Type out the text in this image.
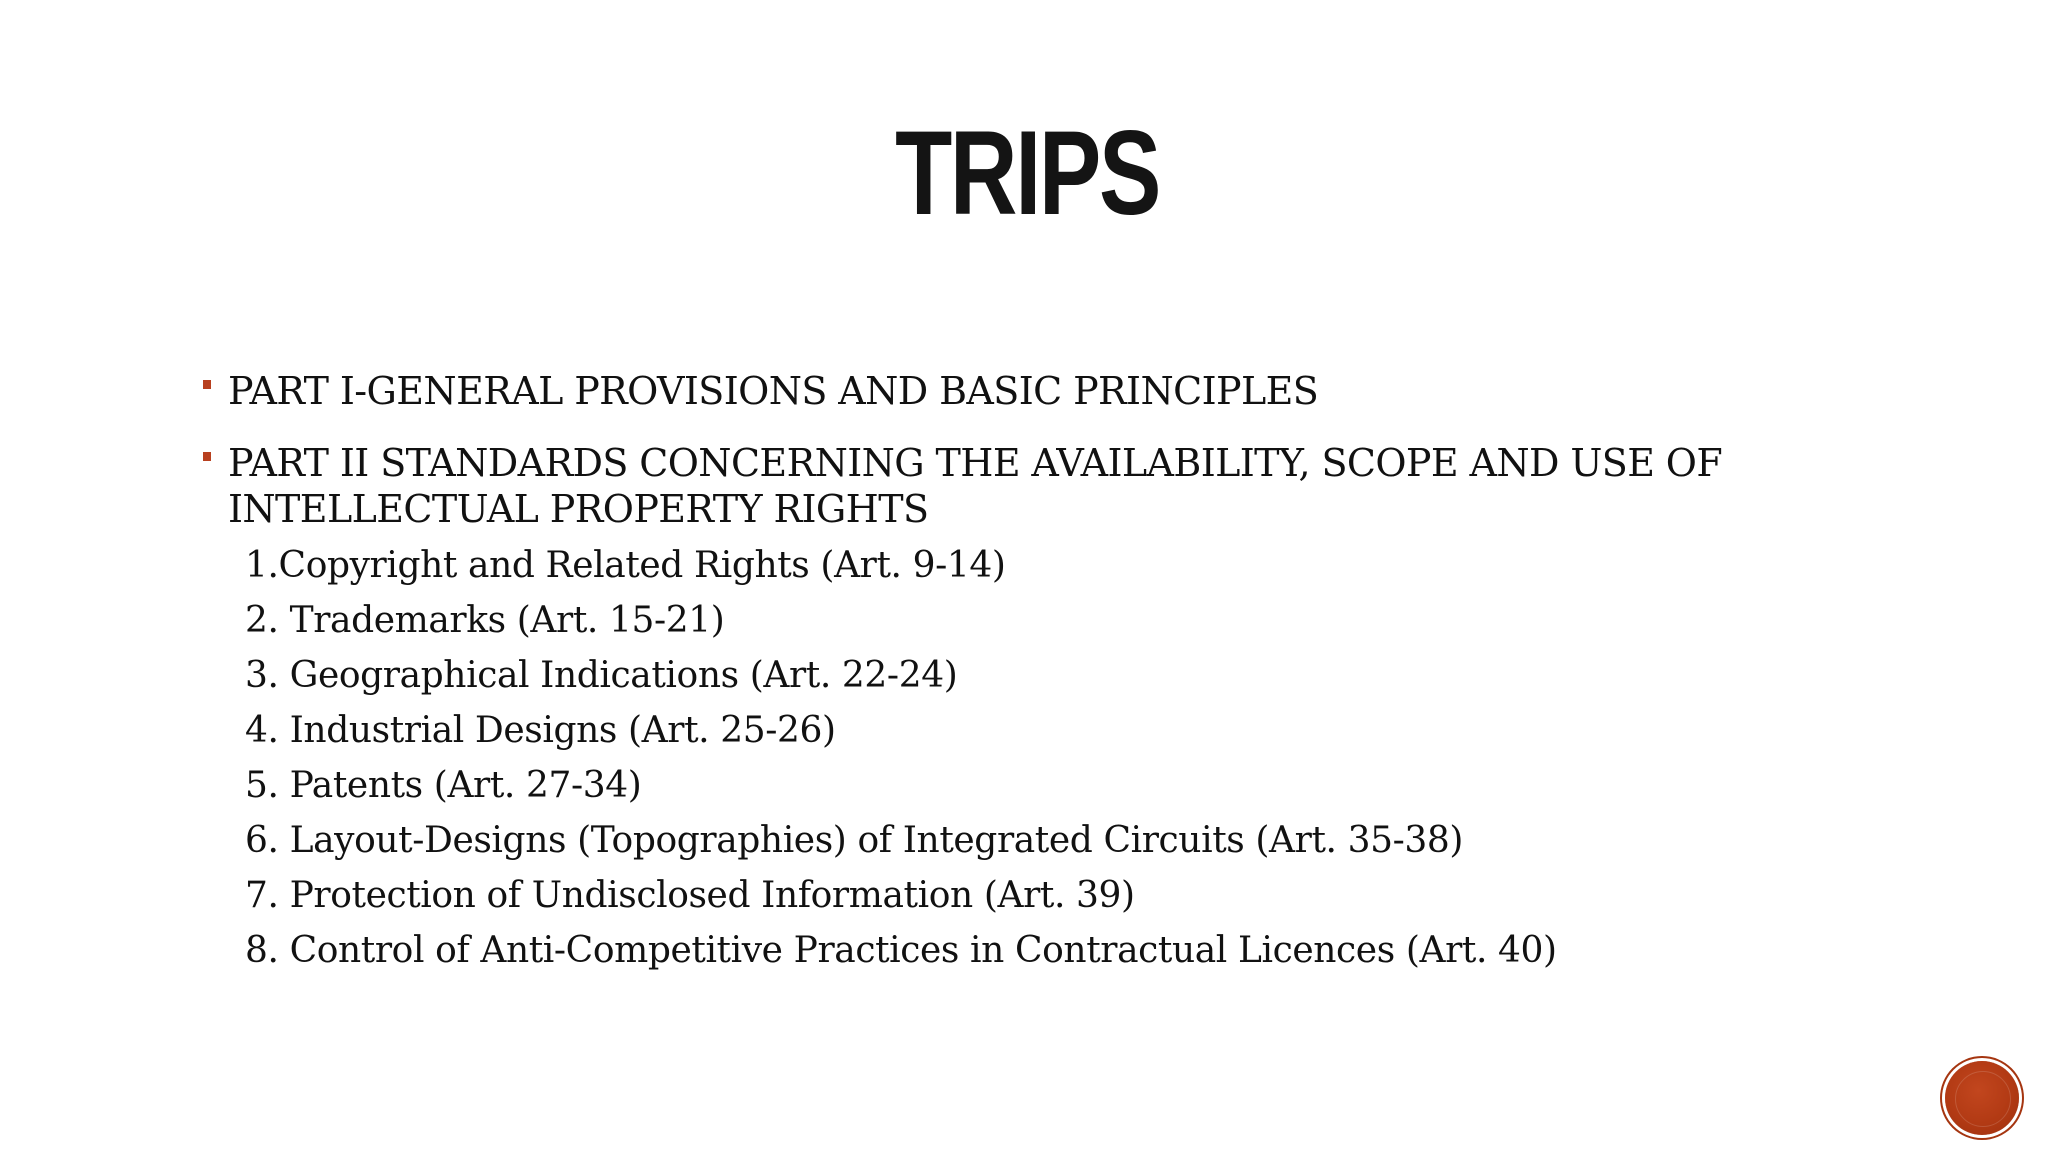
TRIPS
PART I-GENERAL PROVISIONS AND BASIC PRINCIPLES
PART II STANDARDS CONCERNING THE AVAILABILITY, SCOPE AND USE OF INTELLECTUAL PROPERTY RIGHTS
1.Copyright and Related Rights (Art. 9-14)
2. Trademarks (Art. 15-21)
3. Geographical Indications (Art. 22-24)
4. Industrial Designs (Art. 25-26)
5. Patents (Art. 27-34)
6. Layout-Designs (Topographies) of Integrated Circuits (Art. 35-38)
7. Protection of Undisclosed Information (Art. 39)
8. Control of Anti-Competitive Practices in Contractual Licences (Art. 40)
